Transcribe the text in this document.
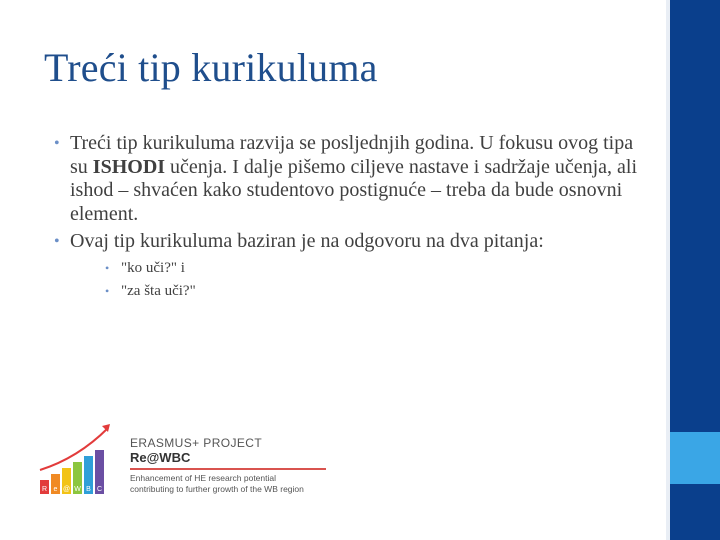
Treći tip kurikuluma
• Treći tip kurikuluma razvija se posljednjih godina. U fokusu ovog tipa su ISHODI učenja. I dalje pišemo ciljeve nastave i sadržaje učenja, ali ishod – shvaćen kako studentovo postignuće – treba da bude osnovni element.
• Ovaj tip kurikuluma baziran je na odgovoru na dva pitanja:
• "ko uči?" i
• "za šta uči?"
R e @ W B C
ERASMUS+ PROJECT
Re@WBC
Enhancement of HE research potential
contributing to further growth of the WB region
